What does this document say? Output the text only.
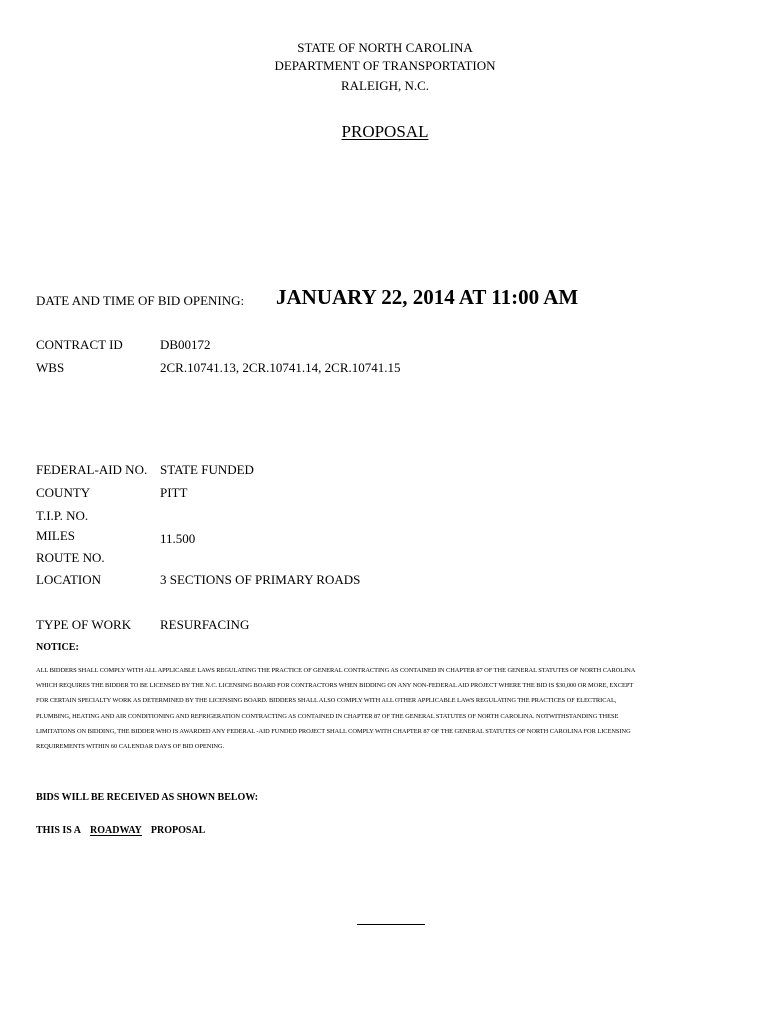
STATE OF NORTH CAROLINA
DEPARTMENT OF TRANSPORTATION
RALEIGH, N.C.
PROPOSAL
DATE AND TIME OF BID OPENING: JANUARY 22, 2014 AT 11:00 AM
CONTRACT ID	DB00172
WBS	2CR.10741.13, 2CR.10741.14, 2CR.10741.15
FEDERAL-AID NO. STATE FUNDED
COUNTY	PITT
T.I.P. NO.
MILES	11.500
ROUTE NO.
LOCATION	3 SECTIONS OF PRIMARY ROADS
TYPE OF WORK RESURFACING
NOTICE:
ALL BIDDERS SHALL COMPLY WITH ALL APPLICABLE LAWS REGULATING THE PRACTICE OF GENERAL CONTRACTING AS CONTAINED IN CHAPTER 87 OF THE GENERAL STATUTES OF NORTH CAROLINA WHICH REQUIRES THE BIDDER TO BE LICENSED BY THE N.C. LICENSING BOARD FOR CONTRACTORS WHEN BIDDING ON ANY NON-FEDERAL AID PROJECT WHERE THE BID IS $30,000 OR MORE, EXCEPT FOR CERTAIN SPECIALTY WORK AS DETERMINED BY THE LICENSING BOARD. BIDDERS SHALL ALSO COMPLY WITH ALL OTHER APPLICABLE LAWS REGULATING THE PRACTICES OF ELECTRICAL, PLUMBING, HEATING AND AIR CONDITIONING AND REFRIGERATION CONTRACTING AS CONTAINED IN CHAPTER 87 OF THE GENERAL STATUTES OF NORTH CAROLINA. NOTWITHSTANDING THESE LIMITATIONS ON BIDDING, THE BIDDER WHO IS AWARDED ANY FEDERAL -AID FUNDED PROJECT SHALL COMPLY WITH CHAPTER 87 OF THE GENERAL STATUTES OF NORTH CAROLINA FOR LICENSING REQUIREMENTS WITHIN 60 CALENDAR DAYS OF BID OPENING.
BIDS WILL BE RECEIVED AS SHOWN BELOW:
THIS IS A ROADWAY PROPOSAL
